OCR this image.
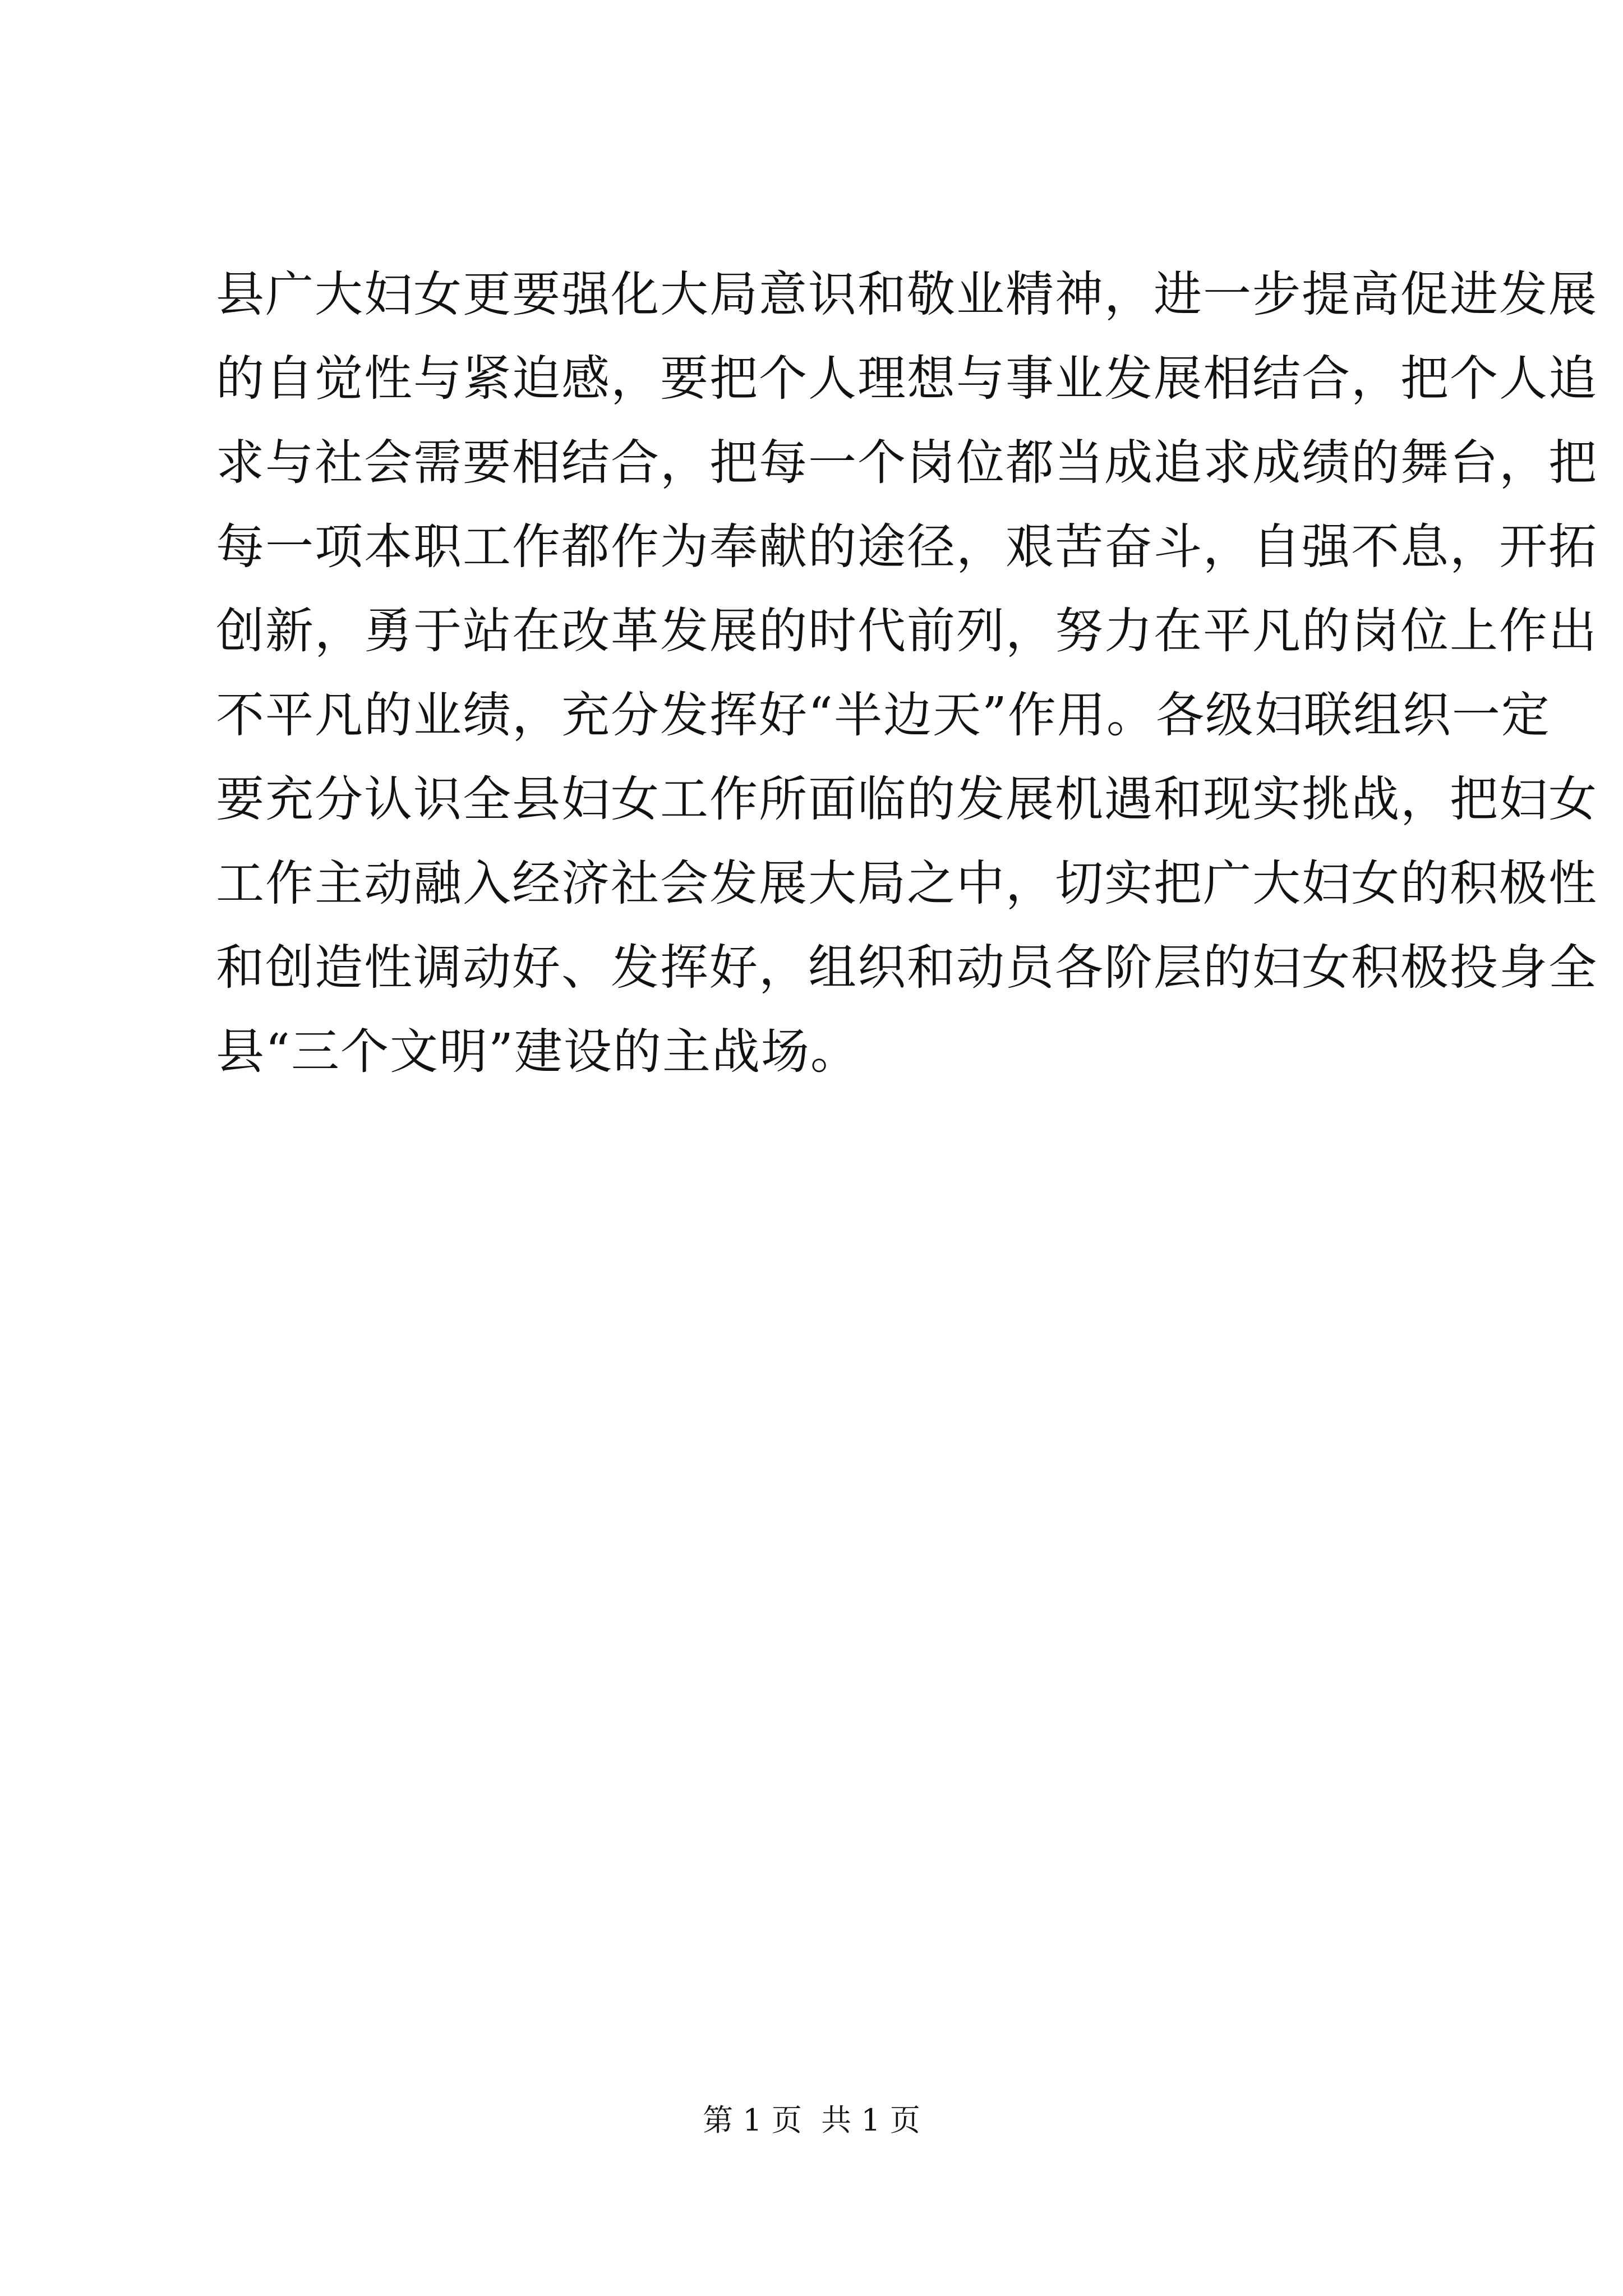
县广大妇女更要强化大局意识和敬业精神，进一步提高促进发展
的自觉性与紧迫感，要把个人理想与事业发展相结合，把个人追
求与社会需要相结合，把每一个岗位都当成追求成绩的舞台，把
每一项本职工作都作为奉献的途径，艰苦奋斗，自强不息，开拓
创新，勇于站在改革发展的时代前列，努力在平凡的岗位上作出
不平凡的业绩，充分发挥好“半边天”作用。各级妇联组织一定
要充分认识全县妇女工作所面临的发展机遇和现实挑战，把妇女
工作主动融入经济社会发展大局之中，切实把广大妇女的积极性
和创造性调动好、发挥好，组织和动员各阶层的妇女积极投身全
县“三个文明”建设的主战场。
第 1 页  共 1 页
